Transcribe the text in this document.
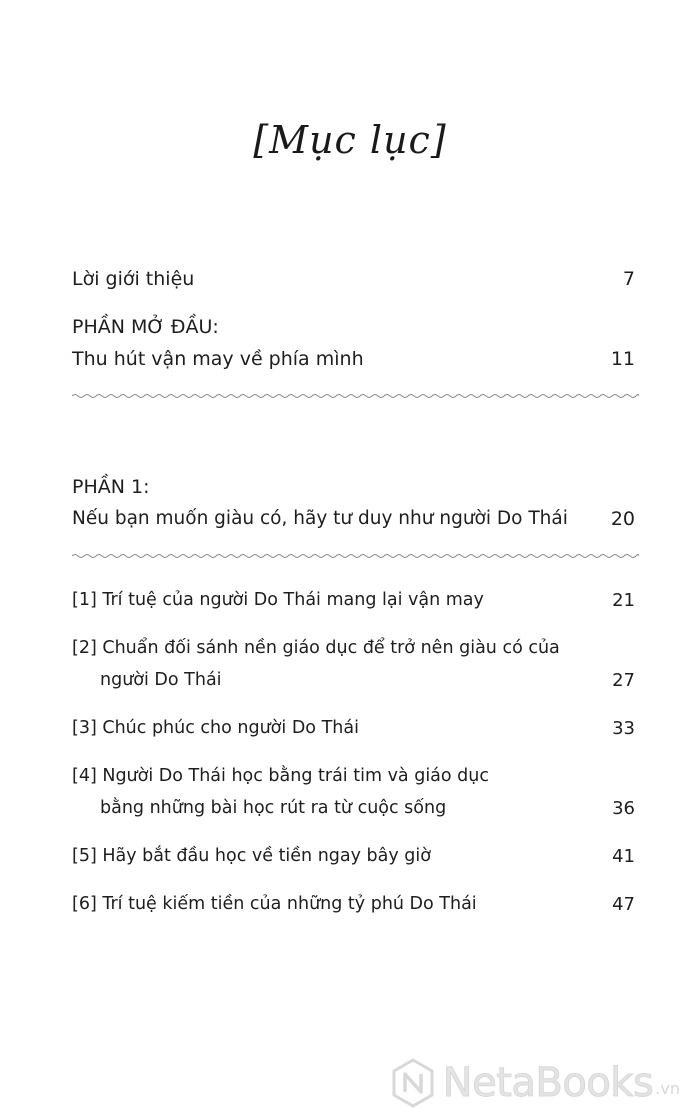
[Mục lục]
Lời giới thiệu	7
PHẦN MỞ ĐẦU:
Thu hút vận may về phía mình	11
PHẦN 1:
Nếu bạn muốn giàu có, hãy tư duy như người Do Thái	20
[1] Trí tuệ của người Do Thái mang lại vận may	21
[2] Chuẩn đối sánh nền giáo dục để trở nên giàu có của
người Do Thái	27
[3] Chúc phúc cho người Do Thái	33
[4] Người Do Thái học bằng trái tim và giáo dục
bằng những bài học rút ra từ cuộc sống	36
[5] Hãy bắt đầu học về tiền ngay bây giờ	41
[6] Trí tuệ kiếm tiền của những tỷ phú Do Thái	47
NetaBooks .vn
